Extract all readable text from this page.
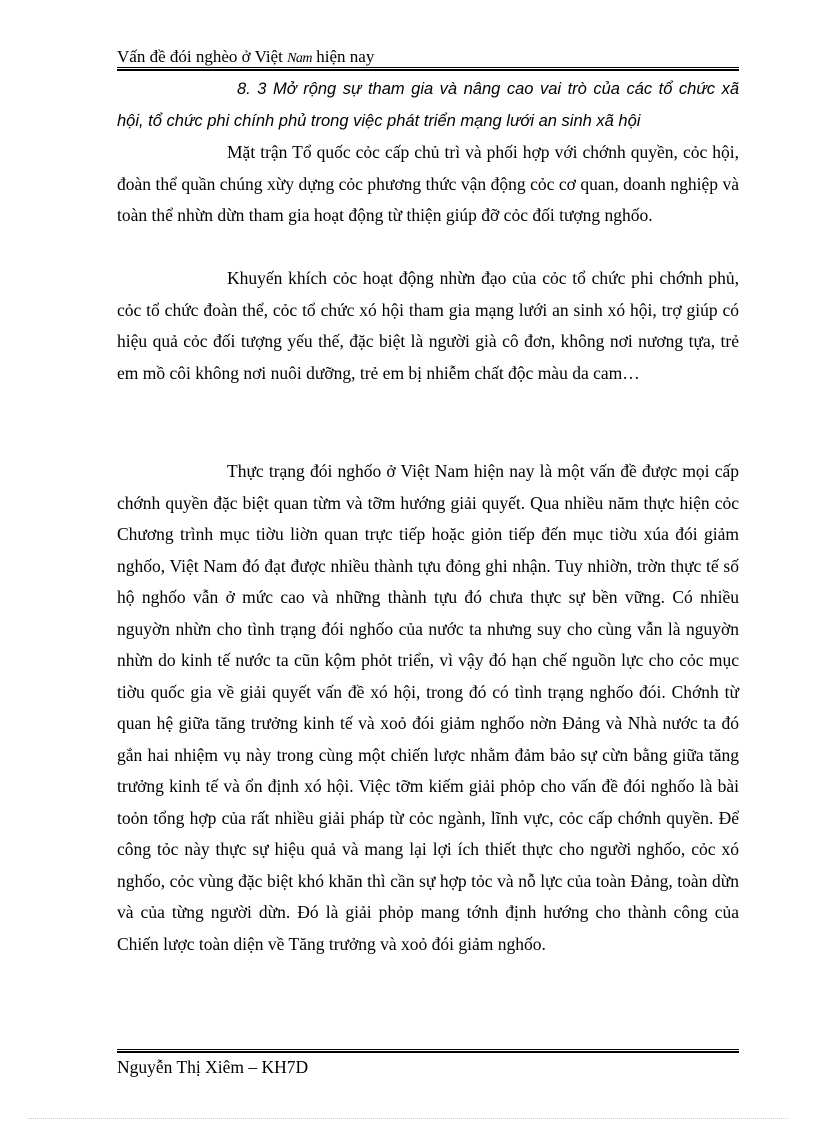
Vấn đề đói nghèo ở Việt Nam hiện nay
8. 3 Mở rộng sự tham gia và nâng cao vai trò của các tổ chức xã hội, tổ chức phi chính phủ trong việc phát triển mạng lưới an sinh xã hội

Mặt trận Tổ quốc cỏc cấp chủ trì và phối hợp với chớnh quyền, cỏc hội, đoàn thể quần chúng xừy dựng cỏc phương thức vận động cỏc cơ quan, doanh nghiệp và toàn thể nhừn dừn tham gia hoạt động từ thiện giúp đỡ cỏc đối tượng nghốo.

Khuyến khích cỏc hoạt động nhừn đạo của cỏc tổ chức phi chớnh phủ, cỏc tổ chức đoàn thể, cỏc tổ chức xó hội tham gia mạng lưới an sinh xó hội, trợ giúp có hiệu quả cỏc đối tượng yếu thế, đặc biệt là người già cô đơn, không nơi nương tựa, trẻ em mồ côi không nơi nuôi dưỡng, trẻ em bị nhiễm chất độc màu da cam…

Thực trạng đói nghốo ở Việt Nam hiện nay là một vấn đề được mọi cấp chớnh quyền đặc biệt quan từm và tỡm hướng giải quyết. Qua nhiều năm thực hiện cỏc Chương trình mục tiờu liờn quan trực tiếp hoặc giỏn tiếp đến mục tiờu xúa đói giảm nghốo, Việt Nam đó đạt được nhiều thành tựu đỏng ghi nhận. Tuy nhiờn, trờn thực tế số hộ nghốo vẫn ở mức cao và những thành tựu đó chưa thực sự bền vững. Có nhiều nguyờn nhừn cho tình trạng đói nghốo của nước ta nhưng suy cho cùng vẫn là nguyờn nhừn do kinh tế nước ta cũn kộm phỏt triển, vì vậy đó hạn chế nguồn lực cho cỏc mục tiờu quốc gia về giải quyết vấn đề xó hội, trong đó có tình trạng nghốo đói. Chớnh từ quan hệ giữa tăng trưởng kinh tế và xoỏ đói giảm nghốo nờn Đảng và Nhà nước ta đó gắn hai nhiệm vụ này trong cùng một chiến lược nhằm đảm bảo sự cừn bằng giữa tăng trưởng kinh tế và ổn định xó hội. Việc tỡm kiếm giải phỏp cho vấn đề đói nghốo là bài toỏn tổng hợp của rất nhiều giải pháp từ cỏc ngành, lĩnh vực, cỏc cấp chớnh quyền. Để công tỏc này thực sự hiệu quả và mang lại lợi ích thiết thực cho người nghốo, cỏc xó nghốo, cỏc vùng đặc biệt khó khăn thì cần sự hợp tỏc và nỗ lực của toàn Đảng, toàn dừn và của từng người dừn. Đó là giải phỏp mang tớnh định hướng cho thành công của Chiến lược toàn diện về Tăng trưởng và xoỏ đói giảm nghốo.

Nguyễn Thị Xiêm – KH7D
